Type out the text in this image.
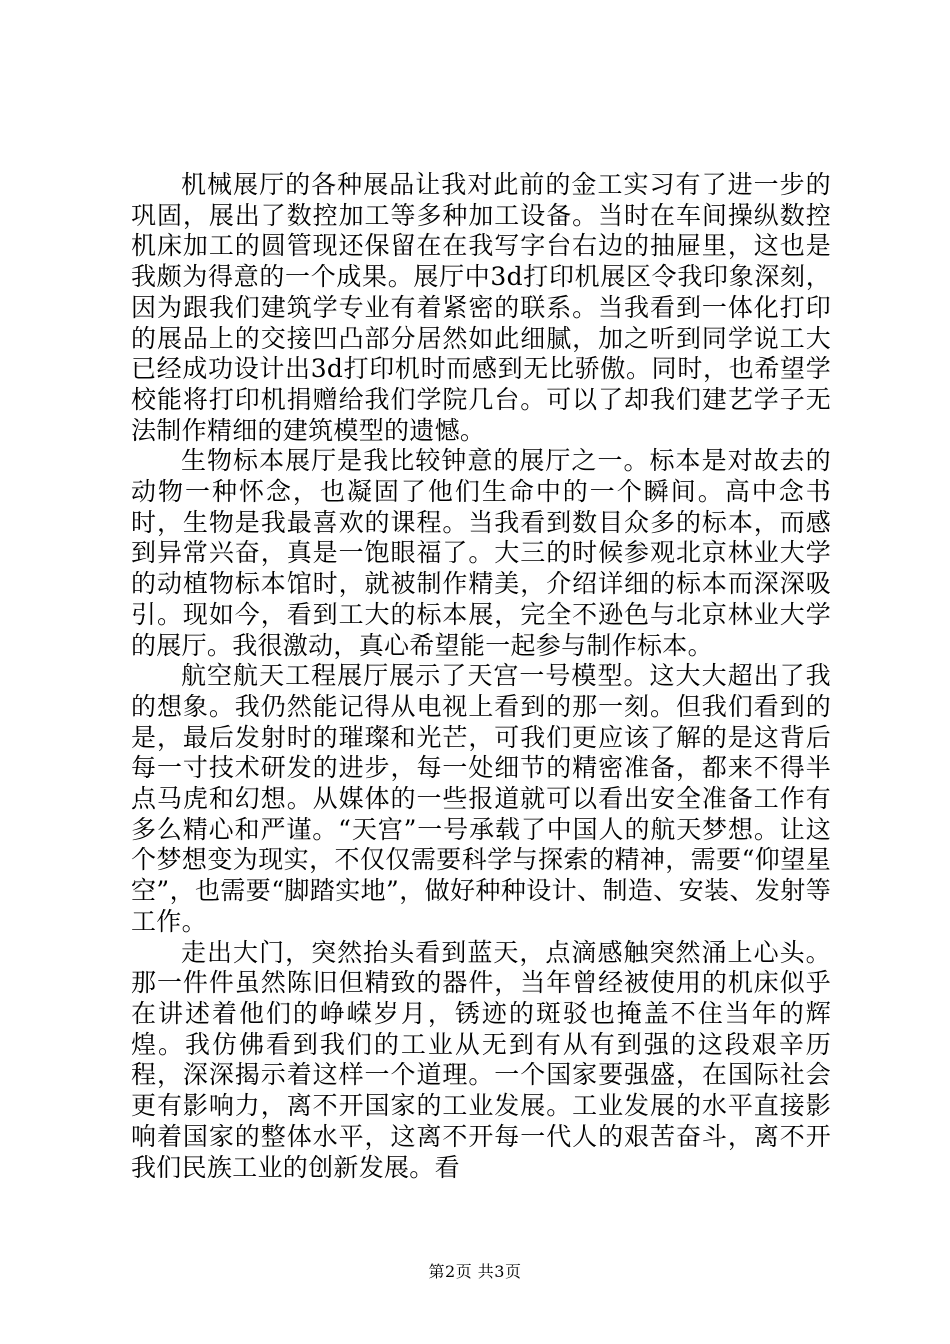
机械展厅的各种展品让我对此前的金工实习有了进一步的巩固，展出了数控加工等多种加工设备。当时在车间操纵数控机床加工的圆管现还保留在在我写字台右边的抽屉里，这也是我颇为得意的一个成果。展厅中3d打印机展区令我印象深刻，因为跟我们建筑学专业有着紧密的联系。当我看到一体化打印的展品上的交接凹凸部分居然如此细腻，加之听到同学说工大已经成功设计出3d打印机时而感到无比骄傲。同时，也希望学校能将打印机捐赠给我们学院几台。可以了却我们建艺学子无法制作精细的建筑模型的遗憾。

生物标本展厅是我比较钟意的展厅之一。标本是对故去的动物一种怀念，也凝固了他们生命中的一个瞬间。高中念书时，生物是我最喜欢的课程。当我看到数目众多的标本，而感到异常兴奋，真是一饱眼福了。大三的时候参观北京林业大学的动植物标本馆时，就被制作精美，介绍详细的标本而深深吸引。现如今，看到工大的标本展，完全不逊色与北京林业大学的展厅。我很激动，真心希望能一起参与制作标本。

航空航天工程展厅展示了天宫一号模型。这大大超出了我的想象。我仍然能记得从电视上看到的那一刻。但我们看到的是，最后发射时的璀璨和光芒，可我们更应该了解的是这背后每一寸技术研发的进步，每一处细节的精密准备，都来不得半点马虎和幻想。从媒体的一些报道就可以看出安全准备工作有多么精心和严谨。“天宫”一号承载了中国人的航天梦想。让这个梦想变为现实，不仅仅需要科学与探索的精神，需要“仰望星空”，也需要“脚踏实地”，做好种种设计、制造、安装、发射等工作。

走出大门，突然抬头看到蓝天，点滴感触突然涌上心头。那一件件虽然陈旧但精致的器件，当年曾经被使用的机床似乎在讲述着他们的峥嵘岁月，锈迹的斑驳也掩盖不住当年的辉煌。我仿佛看到我们的工业从无到有从有到强的这段艰辛历程，深深揭示着这样一个道理。一个国家要强盛，在国际社会更有影响力，离不开国家的工业发展。工业发展的水平直接影响着国家的整体水平，这离不开每一代人的艰苦奋斗，离不开我们民族工业的创新发展。看

第2页 共3页
